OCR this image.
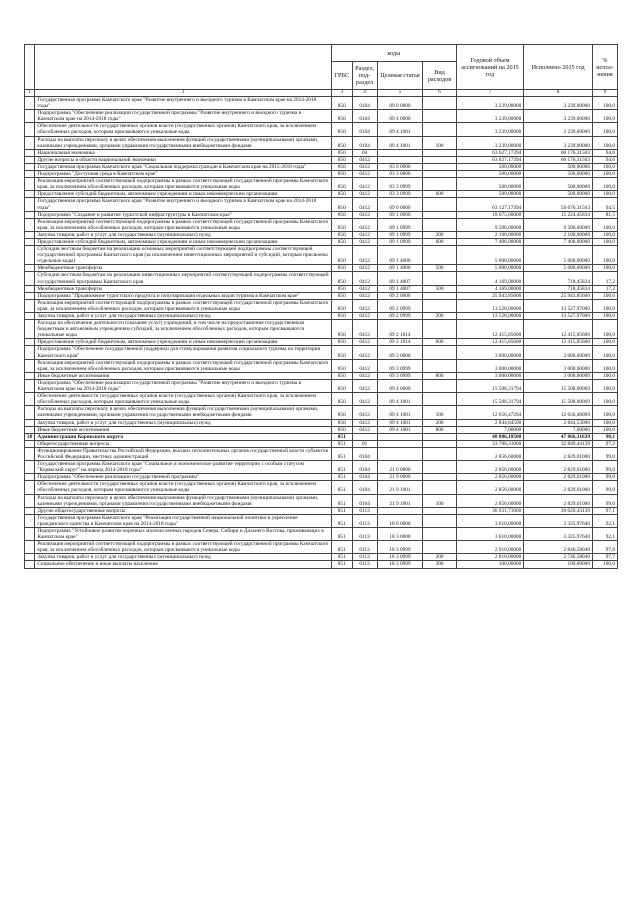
		коды				Годовой объем ассигнований на 2015 год	Исполнено 2015 год	% испол-нения
		ГРБС	Раздел, под-раздел	Целевая статья	Вид расходов			
1	2	3	4	5	6	7	8	9
	Государственная программа Камчатского края "Развитие внутреннего и въездного туризма в Камчатском крае на 2014-2018 годы"	850	0104	09 0 0000		3 239,00000	3 239,00000	100,0
	Подпрограмма "Обеспечение реализации государственной программы "Развитие внутреннего и въездного туризма в Камчатском крае на 2014-2018 годы"	850	0104	09 4 0000		3 239,00000	3 239,00000	100,0
	Обеспечение деятельности государственных органов власти (государственных органов) Камчатского края, за исключением обособленных расходов, которым присваиваются уникальные коды	850	0104	09 4 1001		3 239,00000	3 239,00000	100,0
	Расходы на выплаты персоналу в целях обеспечения выполнения функций государственными (муниципальными) органами, казенными учреждениями, органами управления государственными внебюджетными фондами	850	0104	09 4 1001	100	3 239,00000	3 239,00000	100,0
	Национальная экономика	850	04			63 627,17394	60 176,31503	94,6
	Другие вопросы в области национальной экономики	850	0412			63 627,17394	60 176,31503	94,6
	Государственная программа Камчатского края "Социальная поддержка граждан в Камчатском крае на 2015-2018 годы"	850	0412	03 0 0000		500,00000	500,00000	100,0
	Подпрограмма "Доступная среда в Камчатском крае"	850	0412	03 3 0000		500,00000	500,00000	100,0
	Реализация мероприятий соответствующей подпрограммы в рамках соответствующей государственной программы Камчатского края, за исключением обособленных расходов, которым присваиваются уникальные коды	850	0412	03 3 0999		500,00000	500,00000	100,0
	Предоставление субсидий бюджетным, автономным учреждениям и иным некоммерческим организациям	850	0412	03 3 0999	600	500,00000	500,00000	100,0
	Государственная программа Камчатского края "Развитие внутреннего и въездного туризма в Камчатском крае на 2014-2018 годы"	850	0412	09 0 0000		63 127,17394	59 676,31503	94,5
	Подпрограмма "Создание и развитие туристской инфраструктуры в Камчатском крае"	850	0412	09 1 0000		18 675,00000	15 224,45834	81,5
	Реализация мероприятий соответствующей подпрограммы в рамках соответствующей государственной программы Камчатского края, за исключением обособленных расходов, которым присваиваются уникальные коды	850	0412	09 1 0999		9 506,00000	9 506,00000	100,0
	Закупка товаров, работ и услуг для государственных (муниципальных) нужд	850	0412	09 1 0999	200	2 100,00000	2 100,00000	100,0
	Предоставление субсидий бюджетным, автономным учреждениям и иным некоммерческим организациям	850	0412	09 1 0999	600	7 406,00000	7 406,00000	100,0
	Субсидии местным бюджетам на реализацию основных мероприятий соответствующей подпрограммы соответствующей государственной программы Камчатского края (за исключением инвестиционных мероприятий и субсидий, которым присвоены отдельные коды)	850	0412	09 1 4006		5 000,00000	5 000,00000	100,0
	Межбюджетные трансферты	850	0412	09 1 4006	500	5 000,00000	5 000,00000	100,0
	Субсидии местным бюджетам на реализацию инвестиционных мероприятий соответствующей подпрограммы соответствующей государственной программы Камчатского края	850	0412	09 1 4007		4 169,00000	718,45834	17,2
	Межбюджетные трансферты	850	0412	09 1 4007	500	4 169,00000	718,45834	17,2
	Подпрограмма "Продвижение туристского продукта и популяризация отдельных видов туризма в Камчатском крае"	850	0412	09 2 0000		25 943,85600	25 943,85600	100,0
	Реализация мероприятий соответствующей подпрограммы в рамках соответствующей государственной программы Камчатского края, за исключением обособленных расходов, которым присваиваются уникальные коды	850	0412	09 2 0999		13 528,00000	13 527,97000	100,0
	Закупка товаров, работ и услуг для государственных (муниципальных) нужд	850	0412	09 2 0999	200	13 528,00000	13 527,97000	100,0
	Расходы на обеспечение деятельности (оказание услуг) учреждений, в том числе на предоставление государственным бюджетным и автономным учреждениям субсидий, за исключением обособленных расходов, которым присваиваются уникальные коды	850	0412	09 2 1014		12 415,85600	12 415,85600	100,0
	Предоставление субсидий бюджетным, автономным учреждениям и иным некоммерческим организациям	850	0412	09 2 1014	600	12 415,85600	12 415,85600	100,0
	Подпрограмма "Обеспечение государственной поддержки для стимулирования развития социального туризма на территории Камчатского края"	850	0412	09 3 0000		3 000,00000	3 000,00000	100,0
	Реализация мероприятий соответствующей подпрограммы в рамках соответствующей государственной программы Камчатского края, за исключением обособленных расходов, которым присваиваются уникальные коды	850	0412	09 3 0999		3 000,00000	3 000,00000	100,0
	Иные бюджетные ассигнования	850	0412	09 3 0999	800	3 000,00000	3 000,00000	100,0
	Подпрограмма "Обеспечение реализации государственной программы "Развитие внутреннего и въездного туризма в Камчатском крае на 2014-2018 годы"	850	0412	09 4 0000		15 508,31794	15 508,00069	100,0
	Обеспечение деятельности государственных органов власти (государственных органов) Камчатского края, за исключением обособленных расходов, которым присваиваются уникальные коды	850	0412	09 4 1001		15 508,31794	15 508,00069	100,0
	Расходы на выплаты персоналу в целях обеспечения выполнения функций государственными (муниципальными) органами, казенными учреждениями, органами управления государственными внебюджетными фондами	850	0412	09 4 1001	100	12 656,47294	12 656,46069	100,0
	Закупка товаров, работ и услуг для государственных (муниципальных) нужд	850	0412	09 4 1001	200	2 844,84500	2 844,53000	100,0
	Иные бюджетные ассигнования	850	0412	09 4 1001	800	7,00000	7,00000	100,0
38	Администрация Корякского округа	851				48 886,18500	47 866,31639	98,1
	Общегосударственные вопросы	851	01			33 788,31000	32 849,44139	97,2
	Функционирование Правительства Российской Федерации, высших исполнительных органов государственной власти субъектов Российской Федерации, местных администраций	851	0104			2 856,60000	2 829,01000	99,0
	Государственная программа Камчатского края "Социальное и экономическое развитие территории с особым статусом "Корякский округ" на период 2014-2018 годы"	851	0104	21 0 0000		2 856,60000	2 829,01000	99,0
	Подпрограмма "Обеспечение реализации государственной программы"	851	0104	21 9 0000		2 856,60000	2 829,01000	99,0
	Обеспечение деятельности государственных органов власти (государственных органов) Камчатского края, за исключением обособленных расходов, которым присваиваются уникальные коды	851	0104	21 9 1001		2 856,60000	2 829,01000	99,0
	Расходы на выплаты персоналу в целях обеспечения выполнения функций государственными (муниципальными) органами, казенными учреждениями, органами управления государственными внебюджетными фондами	851	0104	21 9 1001	100	2 856,60000	2 829,01000	99,0
	Другие общегосударственные вопросы	851	0113			30 931,71000	30 020,43139	97,1
	Государственная программа Камчатского края "Реализация государственной национальной политики и укрепление гражданского единства в Камчатском крае на 2014-2018 годы"	851	0113	18 0 0000		3 610,00000	3 325,97640	92,1
	Подпрограмма "Устойчивое развитие коренных малочисленных народов Севера, Сибири и Дальнего Востока, проживающих в Камчатском крае"	851	0113	18 3 0000		3 610,00000	3 325,97640	92,1
	Реализация мероприятий соответствующей подпрограммы в рамках соответствующей государственной программы Камчатского края, за исключением обособленных расходов, которым присваиваются уникальные коды	851	0113	18 3 0999		2 910,00000	2 846,58040	97,8
	Закупка товаров, работ и услуг для государственных (муниципальных) нужд	851	0113	18 3 0999	200	2 810,00000	2 746,58040	97,7
	Социальное обеспечение и иные выплаты населению	851	0113	18 3 0999	300	100,00000	100,00000	100,0
